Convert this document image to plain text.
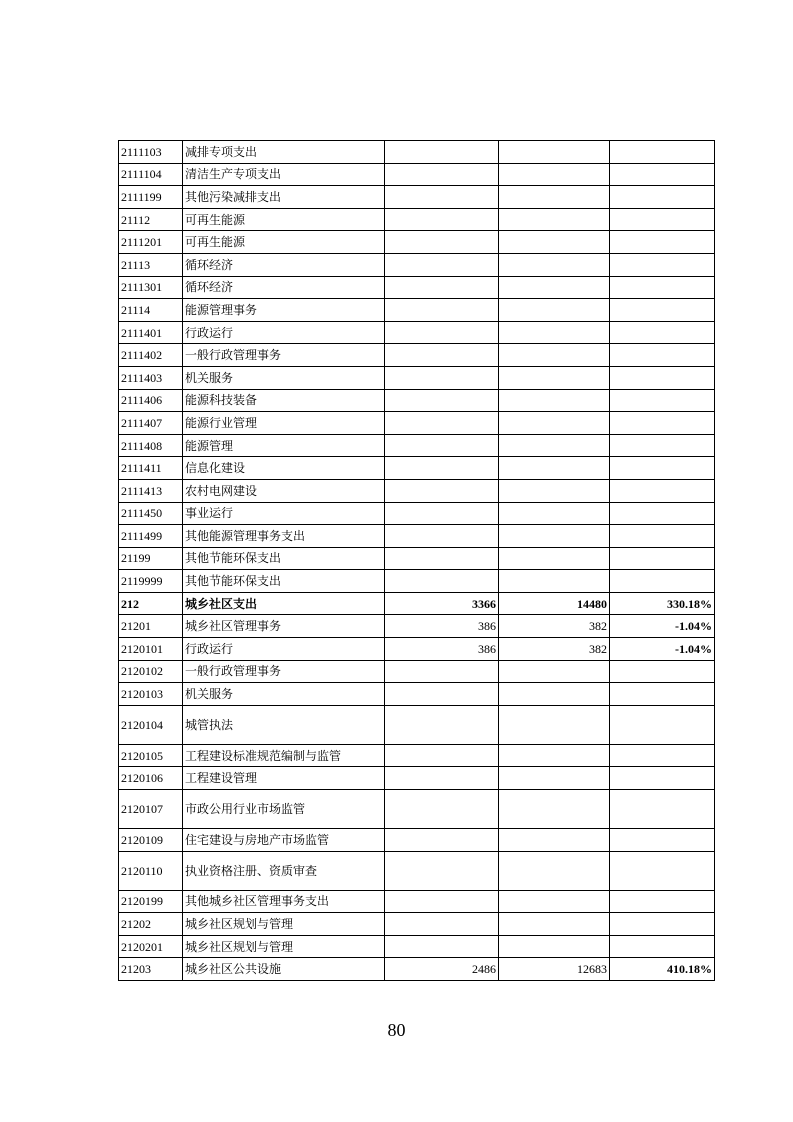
2111103	减排专项支出			
2111104	清洁生产专项支出			
2111199	其他污染减排支出			
21112	可再生能源			
2111201	可再生能源			
21113	循环经济			
2111301	循环经济			
21114	能源管理事务			
2111401	行政运行			
2111402	一般行政管理事务			
2111403	机关服务			
2111406	能源科技装备			
2111407	能源行业管理			
2111408	能源管理			
2111411	信息化建设			
2111413	农村电网建设			
2111450	事业运行			
2111499	其他能源管理事务支出			
21199	其他节能环保支出			
2119999	其他节能环保支出			
212	城乡社区支出	3366	14480	330.18%
21201	城乡社区管理事务	386	382	-1.04%
2120101	行政运行	386	382	-1.04%
2120102	一般行政管理事务			
2120103	机关服务			
2120104	城管执法			
2120105	工程建设标准规范编制与监管			
2120106	工程建设管理			
2120107	市政公用行业市场监管			
2120109	住宅建设与房地产市场监管			
2120110	执业资格注册、资质审查			
2120199	其他城乡社区管理事务支出			
21202	城乡社区规划与管理			
2120201	城乡社区规划与管理			
21203	城乡社区公共设施	2486	12683	410.18%
80
